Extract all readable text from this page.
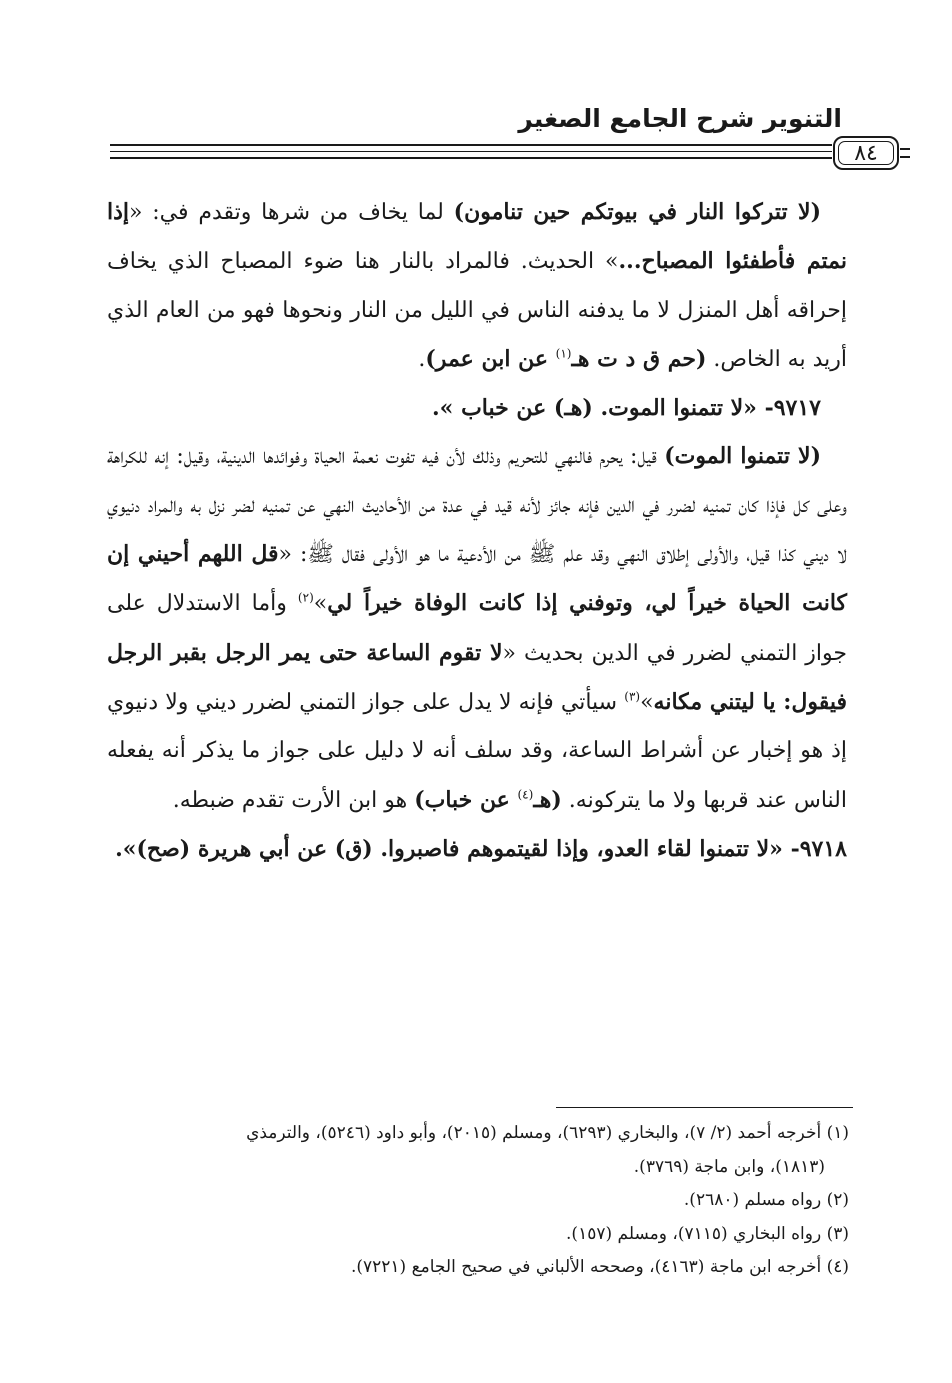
التنوير شرح الجامع الصغير
٨٤

(لا تتركوا النار في بيوتكم حين تنامون) لما يخاف من شرها وتقدم في: «إذا نمتم فأطفئوا المصباح...» الحديث. فالمراد بالنار هنا ضوء المصباح الذي يخاف إحراقه أهل المنزل لا ما يدفنه الناس في الليل من النار ونحوها فهو من العام الذي أريد به الخاص. (حم ق د ت هـ$^{(١)}$ عن ابن عمر).

٩٧١٧- «لا تتمنوا الموت. (هـ) عن خباب ».

(لا تتمنوا الموت) قيل: يحرم فالنهي للتحريم وذلك لأن فيه تفوت نعمة الحياة وفوائدها الدينية، وقيل: إنه للكراهة وعلى كل فإذا كان تمنيه لضرر في الدين فإنه جائز لأنه قيد في عدة من الأحاديث النهي عن تمنيه لضر نزل به والمراد دنيوي لا ديني كذا قيل، والأولى إطلاق النهي وقد علم ﷺ من الأدعية ما هو الأولى فقال ﷺ: «قل اللهم أحيني إن كانت الحياة خيراً لي، وتوفني إذا كانت الوفاة خيراً لي»$^{(٢)}$ وأما الاستدلال على جواز التمني لضرر في الدين بحديث «لا تقوم الساعة حتى يمر الرجل بقبر الرجل فيقول: يا ليتني مكانه»$^{(٣)}$ سيأتي فإنه لا يدل على جواز التمني لضرر ديني ولا دنيوي إذ هو إخبار عن أشراط الساعة، وقد سلف أنه لا دليل على جواز ما يذكر أنه يفعله الناس عند قربها ولا ما يتركونه. (هـ$^{(٤)}$ عن خباب) هو ابن الأرت تقدم ضبطه.

٩٧١٨- «لا تتمنوا لقاء العدو، وإذا لقيتموهم فاصبروا. (ق) عن أبي هريرة (صح)».

(١) أخرجه أحمد (٢/ ٧)، والبخاري (٦٢٩٣)، ومسلم (٢٠١٥)، وأبو داود (٥٢٤٦)، والترمذي
(١٨١٣)، وابن ماجة (٣٧٦٩).
(٢) رواه مسلم (٢٦٨٠).
(٣) رواه البخاري (٧١١٥)، ومسلم (١٥٧).
(٤) أخرجه ابن ماجة (٤١٦٣)، وصححه الألباني في صحيح الجامع (٧٢٢١).
